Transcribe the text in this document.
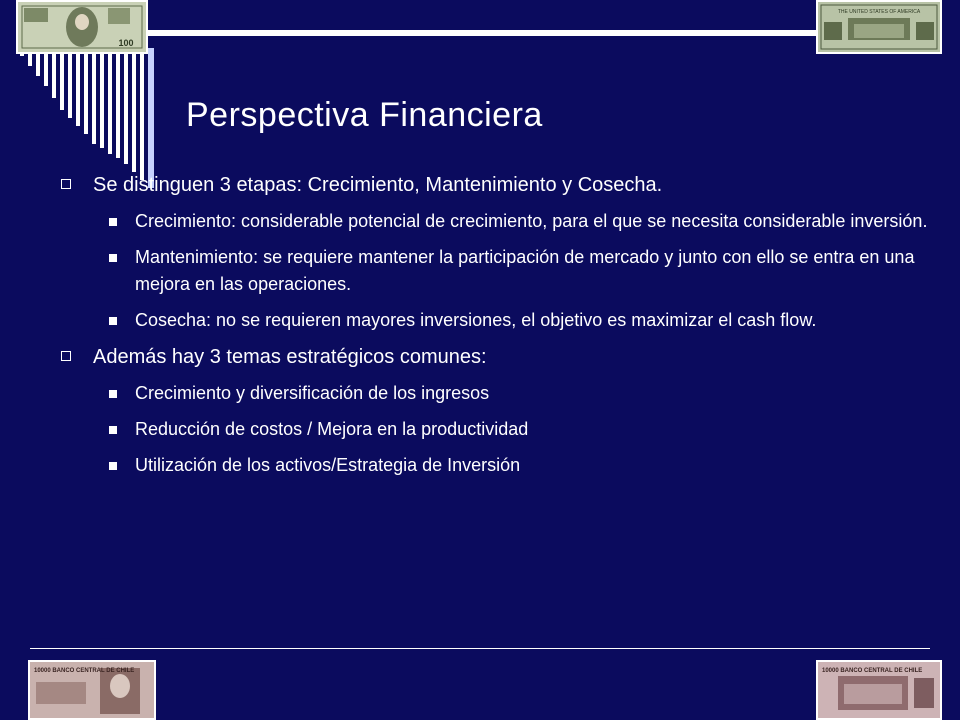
100
THE UNITED STATES OF AMERICA
Perspectiva Financiera
Se distinguen 3 etapas: Crecimiento, Mantenimiento y Cosecha.
Crecimiento: considerable potencial de crecimiento, para el que se necesita considerable inversión.
Mantenimiento: se requiere mantener la participación de mercado y junto con ello se entra en una mejora en las operaciones.
Cosecha: no se requieren mayores inversiones, el objetivo es maximizar el cash flow.
Además hay 3 temas estratégicos comunes:
Crecimiento y diversificación de los ingresos
Reducción de costos / Mejora en la productividad
Utilización de los activos/Estrategia de Inversión
10000 BANCO CENTRAL DE CHILE	10000 BANCO CENTRAL DE CHILE
